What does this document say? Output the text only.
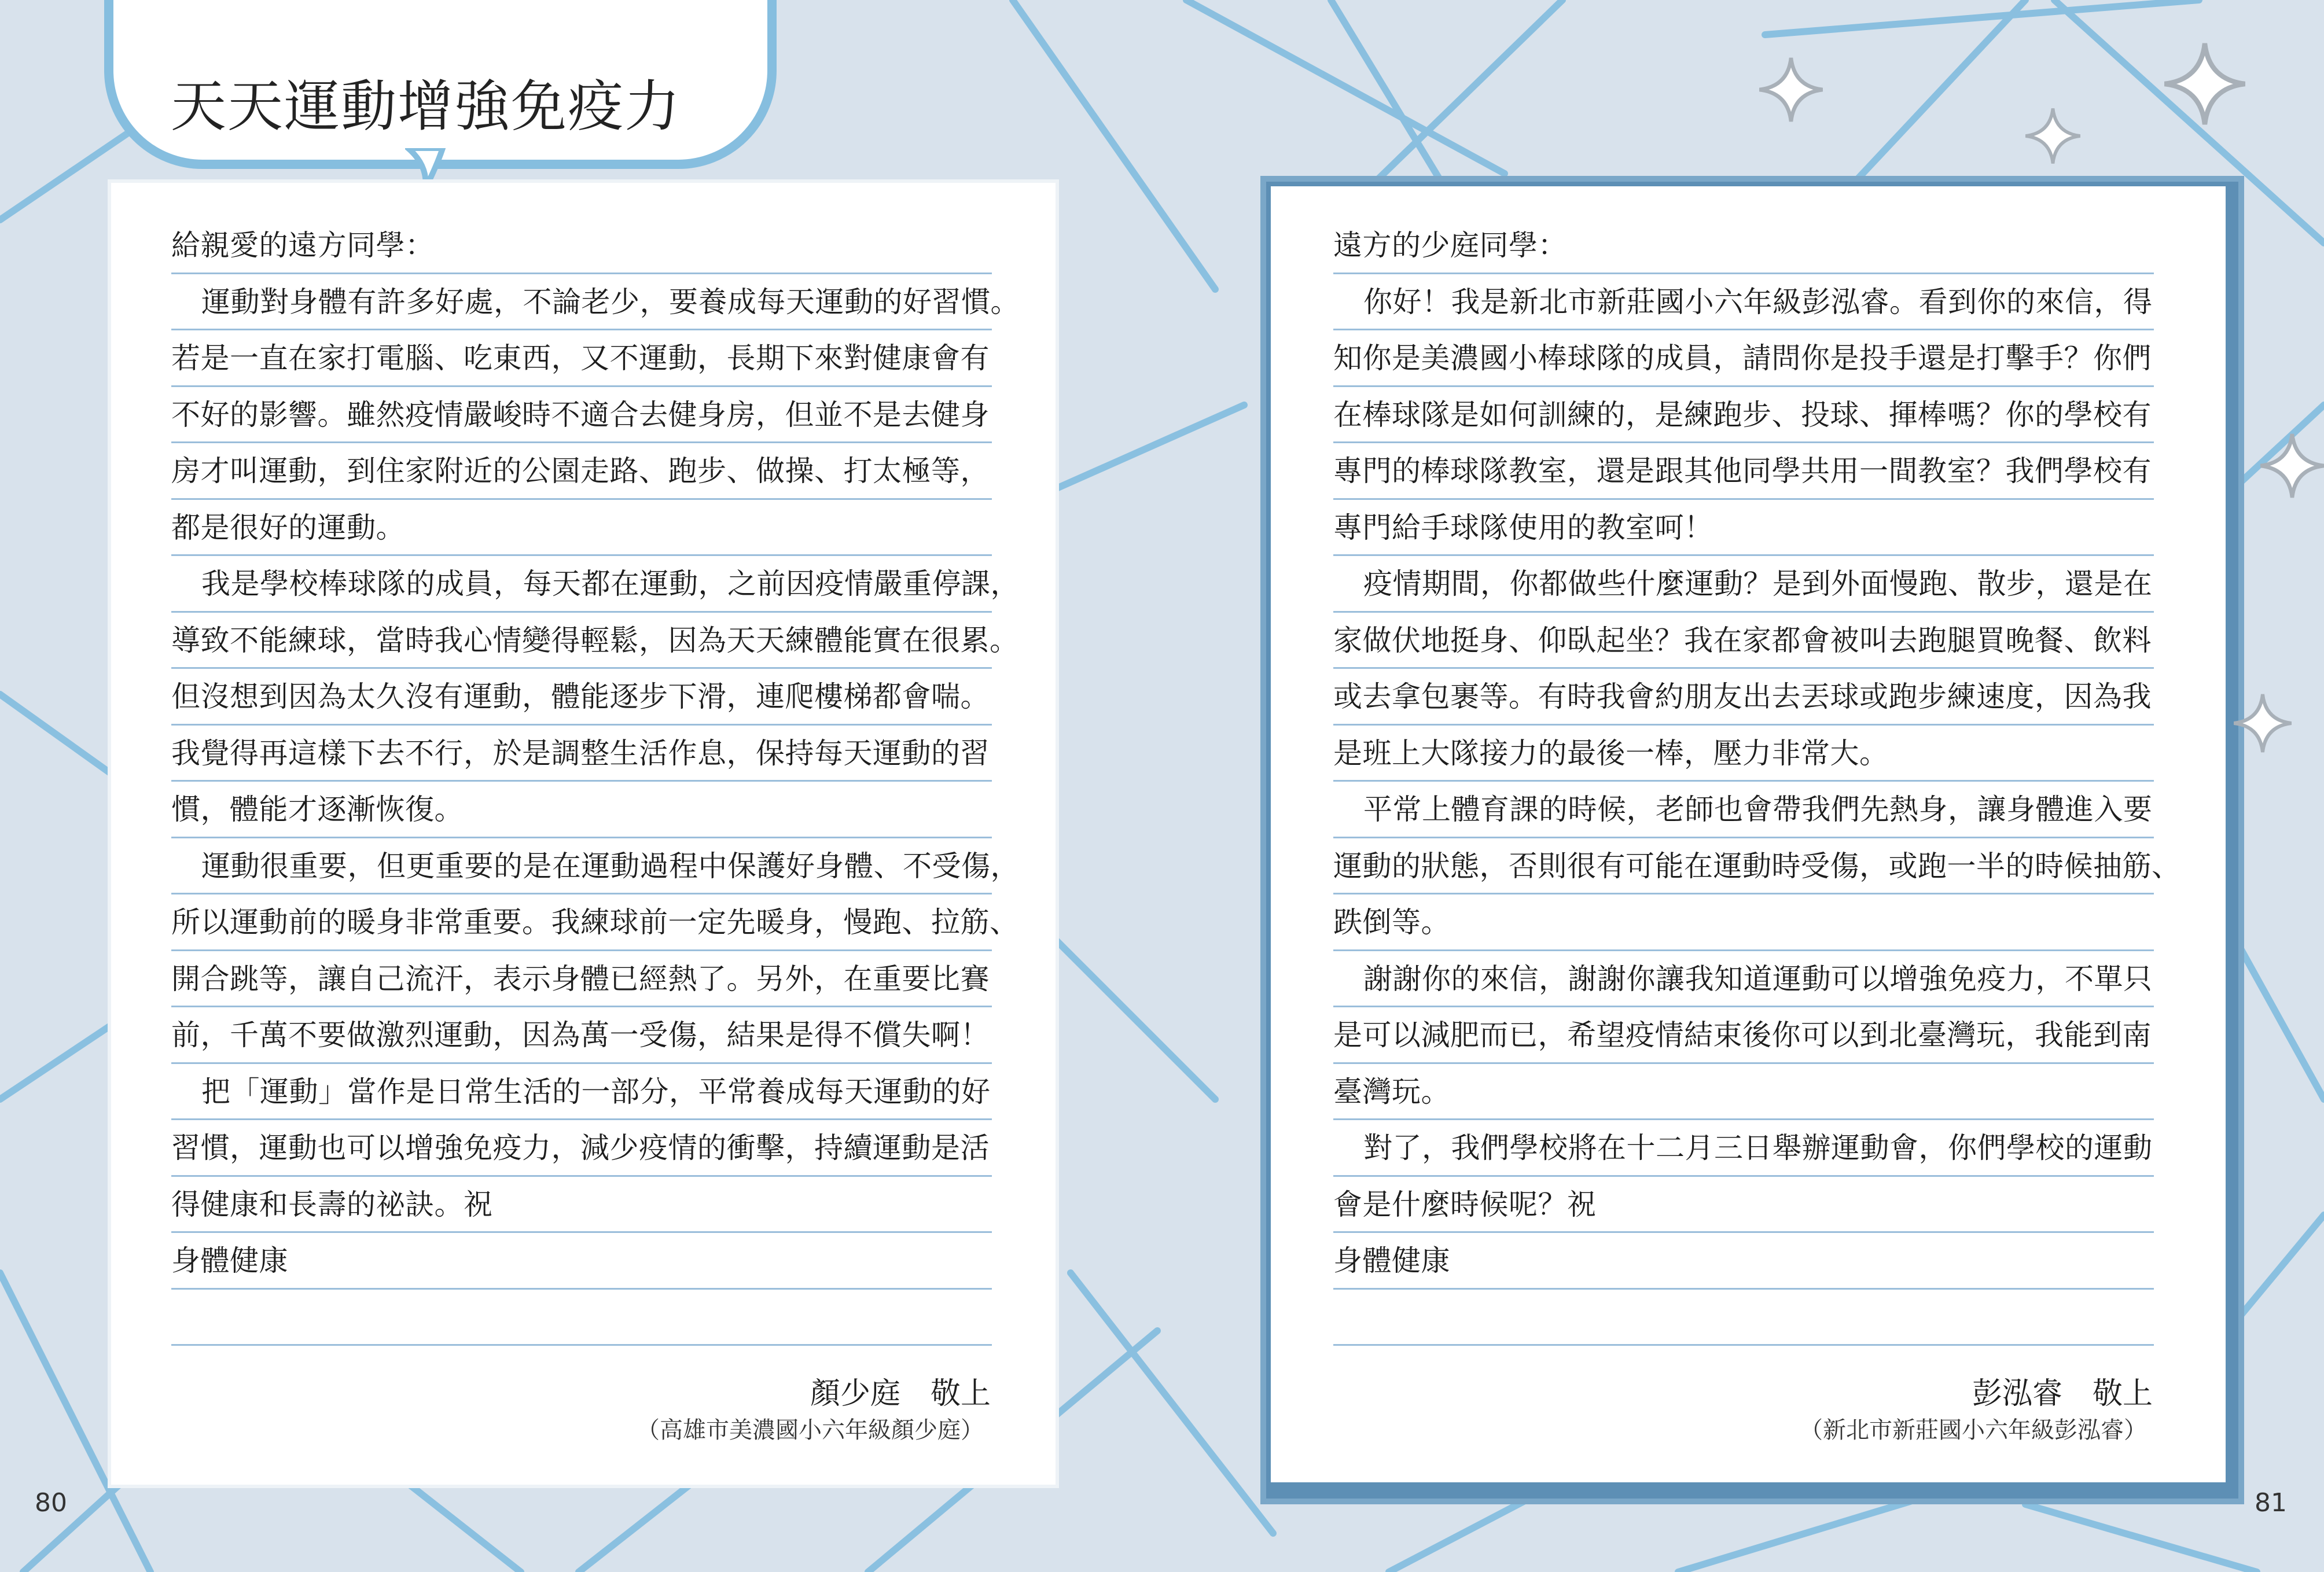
天天運動增強免疫力
給親愛的遠方同學：
運動對身體有許多好處，不論老少，要養成每天運動的好習慣。
若是一直在家打電腦、吃東西，又不運動，長期下來對健康會有
不好的影響。雖然疫情嚴峻時不適合去健身房，但並不是去健身
房才叫運動，到住家附近的公園走路、跑步、做操、打太極等，
都是很好的運動。
我是學校棒球隊的成員，每天都在運動，之前因疫情嚴重停課，
導致不能練球，當時我心情變得輕鬆，因為天天練體能實在很累。
但沒想到因為太久沒有運動，體能逐步下滑，連爬樓梯都會喘。
我覺得再這樣下去不行，於是調整生活作息，保持每天運動的習
慣，體能才逐漸恢復。
運動很重要，但更重要的是在運動過程中保護好身體、不受傷，
所以運動前的暖身非常重要。我練球前一定先暖身，慢跑、拉筋、
開合跳等，讓自己流汗，表示身體已經熱了。另外，在重要比賽
前，千萬不要做激烈運動，因為萬一受傷，結果是得不償失啊！
把「運動」當作是日常生活的一部分，平常養成每天運動的好
習慣，運動也可以增強免疫力，減少疫情的衝擊，持續運動是活
得健康和長壽的祕訣。祝
身體健康
遠方的少庭同學：
你好！我是新北市新莊國小六年級彭泓睿。看到你的來信，得
知你是美濃國小棒球隊的成員，請問你是投手還是打擊手？你們
在棒球隊是如何訓練的，是練跑步、投球、揮棒嗎？你的學校有
專門的棒球隊教室，還是跟其他同學共用一間教室？我們學校有
專門給手球隊使用的教室呵！
疫情期間，你都做些什麼運動？是到外面慢跑、散步，還是在
家做伏地挺身、仰臥起坐？我在家都會被叫去跑腿買晚餐、飲料
或去拿包裹等。有時我會約朋友出去丟球或跑步練速度，因為我
是班上大隊接力的最後一棒，壓力非常大。
平常上體育課的時候，老師也會帶我們先熱身，讓身體進入要
運動的狀態，否則很有可能在運動時受傷，或跑一半的時候抽筋、
跌倒等。
謝謝你的來信，謝謝你讓我知道運動可以增強免疫力，不單只
是可以減肥而已，希望疫情結束後你可以到北臺灣玩，我能到南
臺灣玩。
對了，我們學校將在十二月三日舉辦運動會，你們學校的運動
會是什麼時候呢？祝
身體健康
顏少庭　敬上
（高雄市美濃國小六年級顏少庭）
彭泓睿　敬上
（新北市新莊國小六年級彭泓睿）
80	81
